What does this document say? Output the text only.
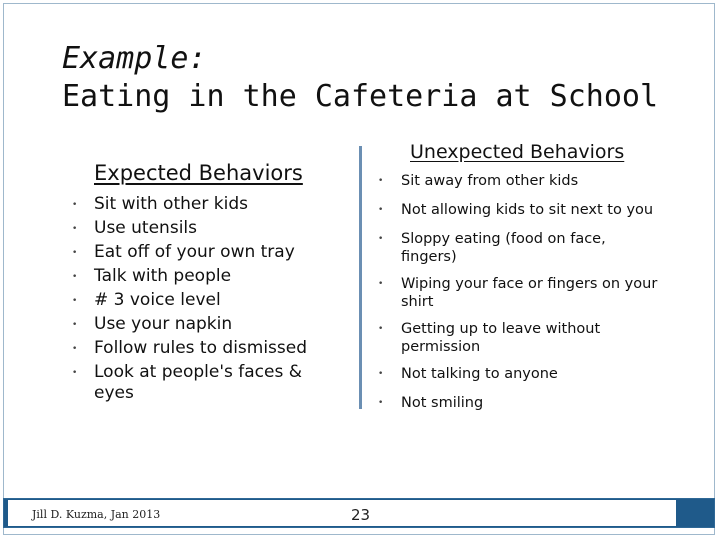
Example:
Eating in the Cafeteria at School
Expected Behaviors
• Sit with other kids
• Use utensils
• Eat off of your own tray
• Talk with people
• # 3 voice level
• Use your napkin
• Follow rules to dismissed
• Look at people's faces &
eyes
Unexpected Behaviors
• Sit away from other kids
• Not allowing kids to sit next to you
• Sloppy eating (food on face,
fingers)
• Wiping your face or fingers on your
shirt
• Getting up to leave without
permission
• Not talking to anyone
• Not smiling
Jill D. Kuzma, Jan 2013	23
